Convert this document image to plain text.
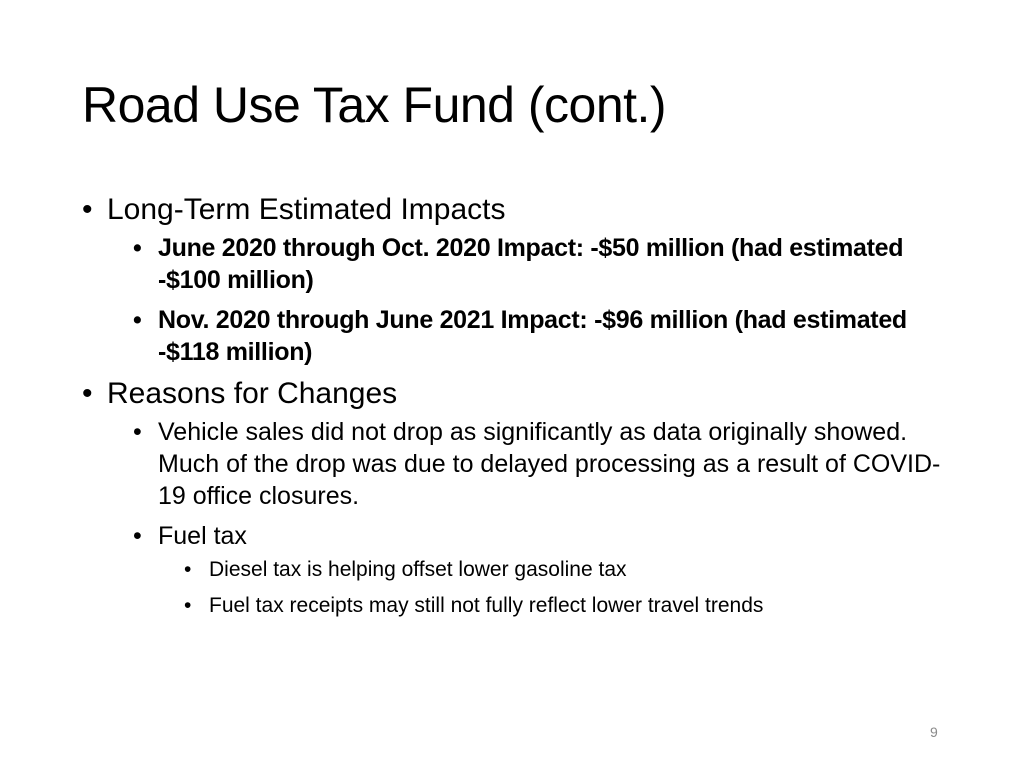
Road Use Tax Fund (cont.)
• Long-Term Estimated Impacts
• June 2020 through Oct. 2020 Impact: -$50 million (had estimated -$100 million)
• Nov. 2020 through June 2021 Impact: -$96 million (had estimated -$118 million)
• Reasons for Changes
• Vehicle sales did not drop as significantly as data originally showed. Much of the drop was due to delayed processing as a result of COVID-19 office closures.
• Fuel tax
• Diesel tax is helping offset lower gasoline tax
• Fuel tax receipts may still not fully reflect lower travel trends
9
